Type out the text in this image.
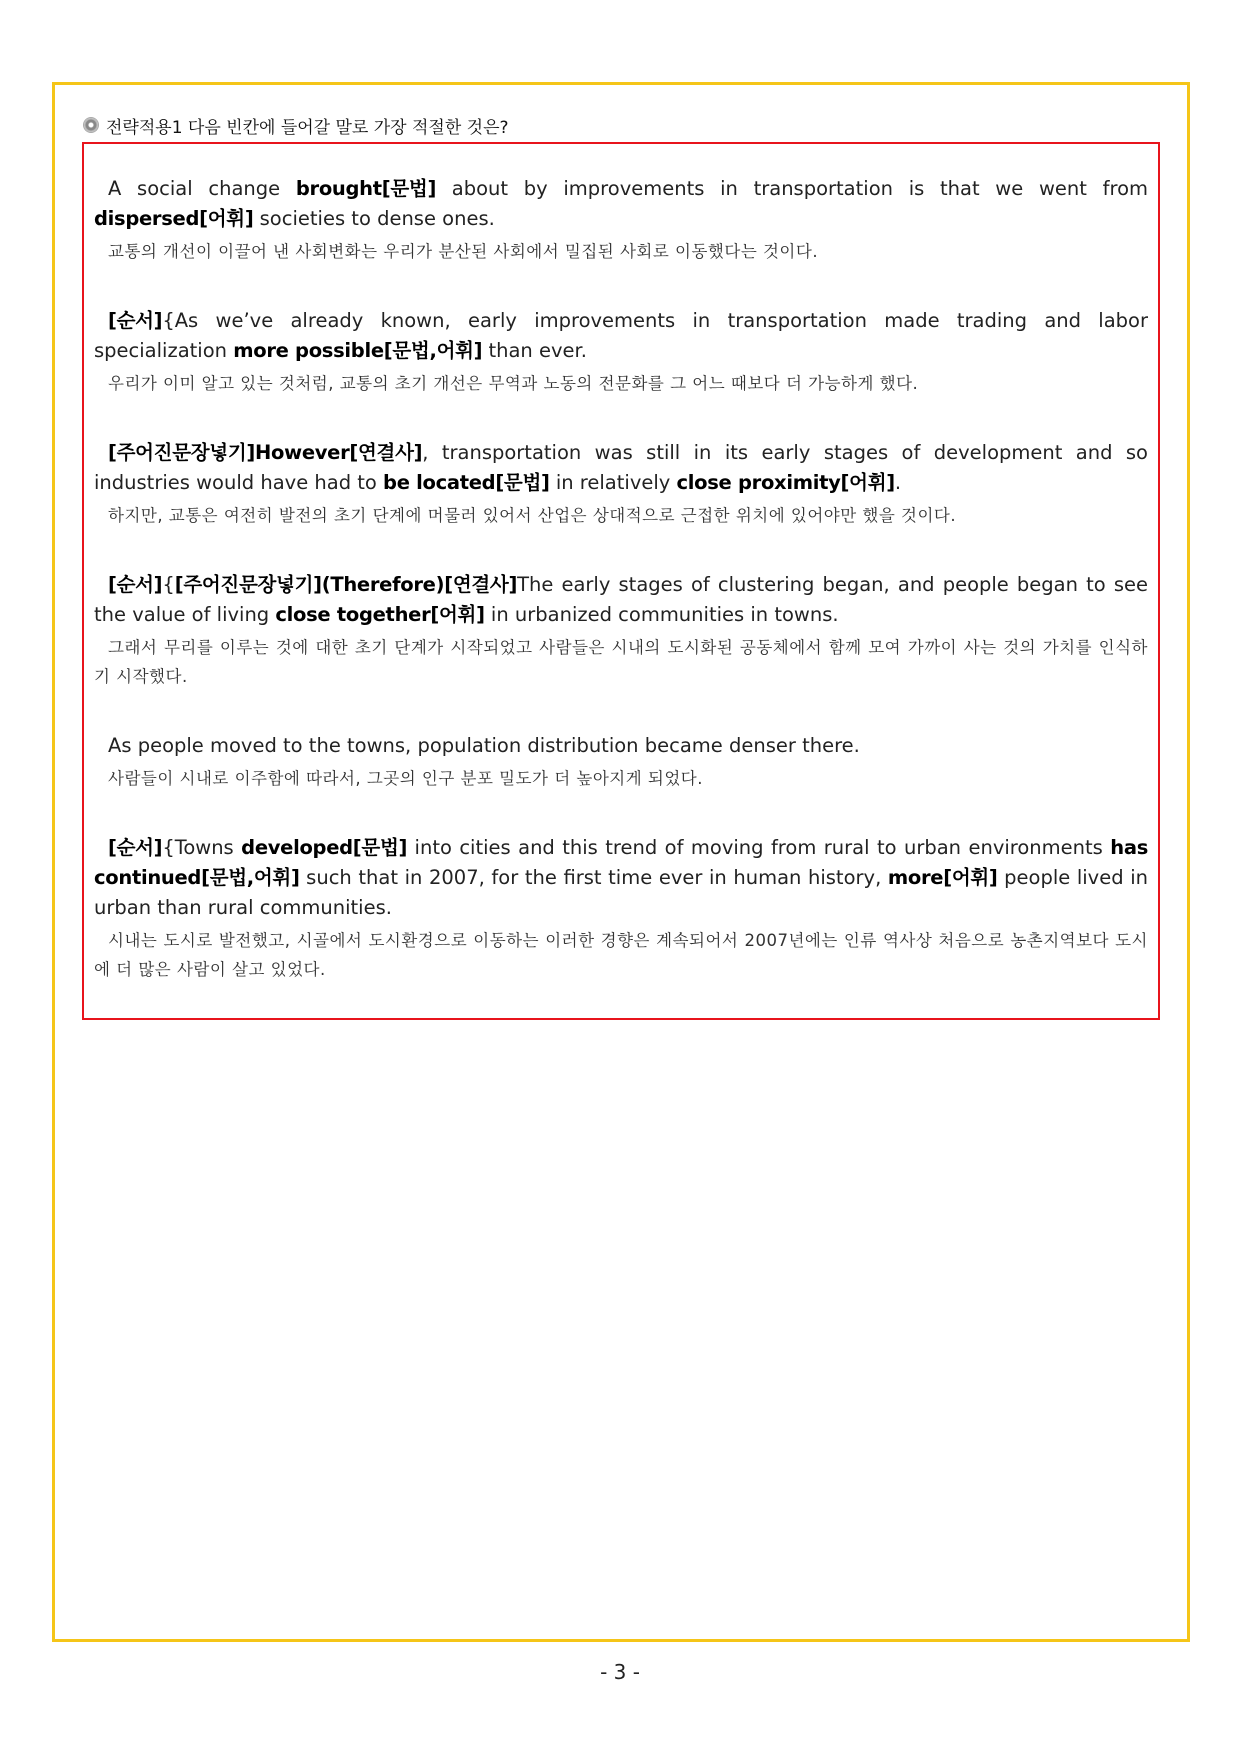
전략적용1 다음 빈칸에 들어갈 말로 가장 적절한 것은?

A social change brought[문법] about by improvements in transportation is that we went from dispersed[어휘] societies to dense ones.

교통의 개선이 이끌어 낸 사회변화는 우리가 분산된 사회에서 밀집된 사회로 이동했다는 것이다.

[순서]{As we’ve already known, early improvements in transportation made trading and labor specialization more possible[문법,어휘] than ever.

우리가 이미 알고 있는 것처럼, 교통의 초기 개선은 무역과 노동의 전문화를 그 어느 때보다 더 가능하게 했다.

[주어진문장넣기]However[연결사], transportation was still in its early stages of development and so industries would have had to be located[문법] in relatively close proximity[어휘].

하지만, 교통은 여전히 발전의 초기 단계에 머물러 있어서 산업은 상대적으로 근접한 위치에 있어야만 했을 것이다.

[순서]{[주어진문장넣기](Therefore)[연결사]The early stages of clustering began, and people began to see the value of living close together[어휘] in urbanized communities in towns.

그래서 무리를 이루는 것에 대한 초기 단계가 시작되었고 사람들은 시내의 도시화된 공동체에서 함께 모여 가까이 사는 것의 가치를 인식하기 시작했다.

As people moved to the towns, population distribution became denser there.

사람들이 시내로 이주함에 따라서, 그곳의 인구 분포 밀도가 더 높아지게 되었다.

[순서]{Towns developed[문법] into cities and this trend of moving from rural to urban environments has continued[문법,어휘] such that in 2007, for the first time ever in human history, more[어휘] people lived in urban than rural communities.

시내는 도시로 발전했고, 시골에서 도시환경으로 이동하는 이러한 경향은 계속되어서 2007년에는 인류 역사상 처음으로 농촌지역보다 도시에 더 많은 사람이 살고 있었다.

- 3 -
